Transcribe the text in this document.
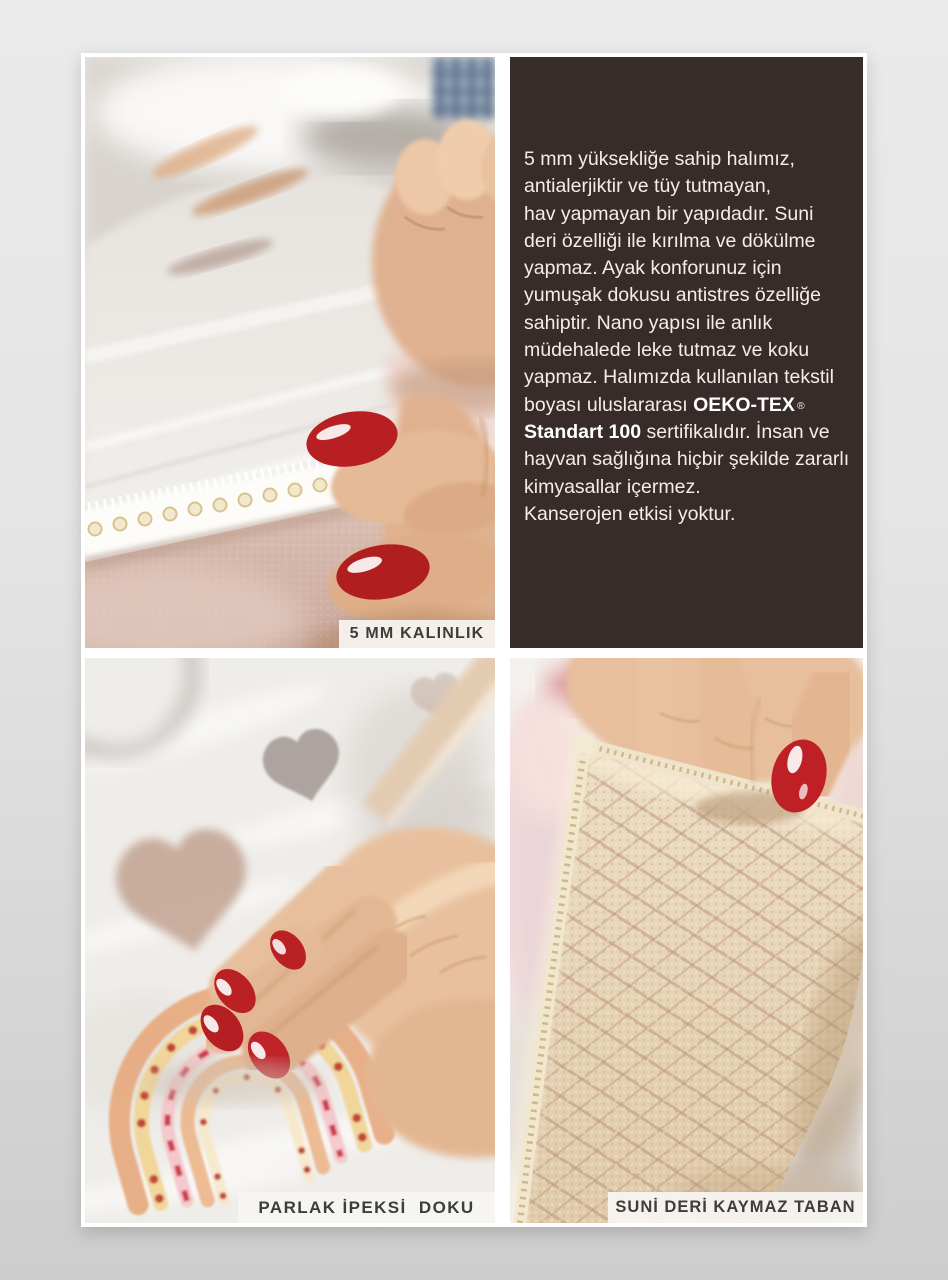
5 MM KALINLIK
5 mm yüksekliğe sahip halımız,
antialerjiktir ve tüy tutmayan,
hav yapmayan bir yapıdadır. Suni
deri özelliği ile kırılma ve dökülme
yapmaz. Ayak konforunuz için
yumuşak dokusu antistres özelliğe
sahiptir. Nano yapısı ile anlık
müdehalede leke tutmaz ve koku
yapmaz. Halımızda kullanılan tekstil
boyası uluslararası OEKO-TEX ®
Standart 100 sertifikalıdır. İnsan ve
hayvan sağlığına hiçbir şekilde zararlı
kimyasallar içermez.
Kanserojen etkisi yoktur.
PARLAK İPEKSİ  DOKU	SUNİ DERİ KAYMAZ TABAN
